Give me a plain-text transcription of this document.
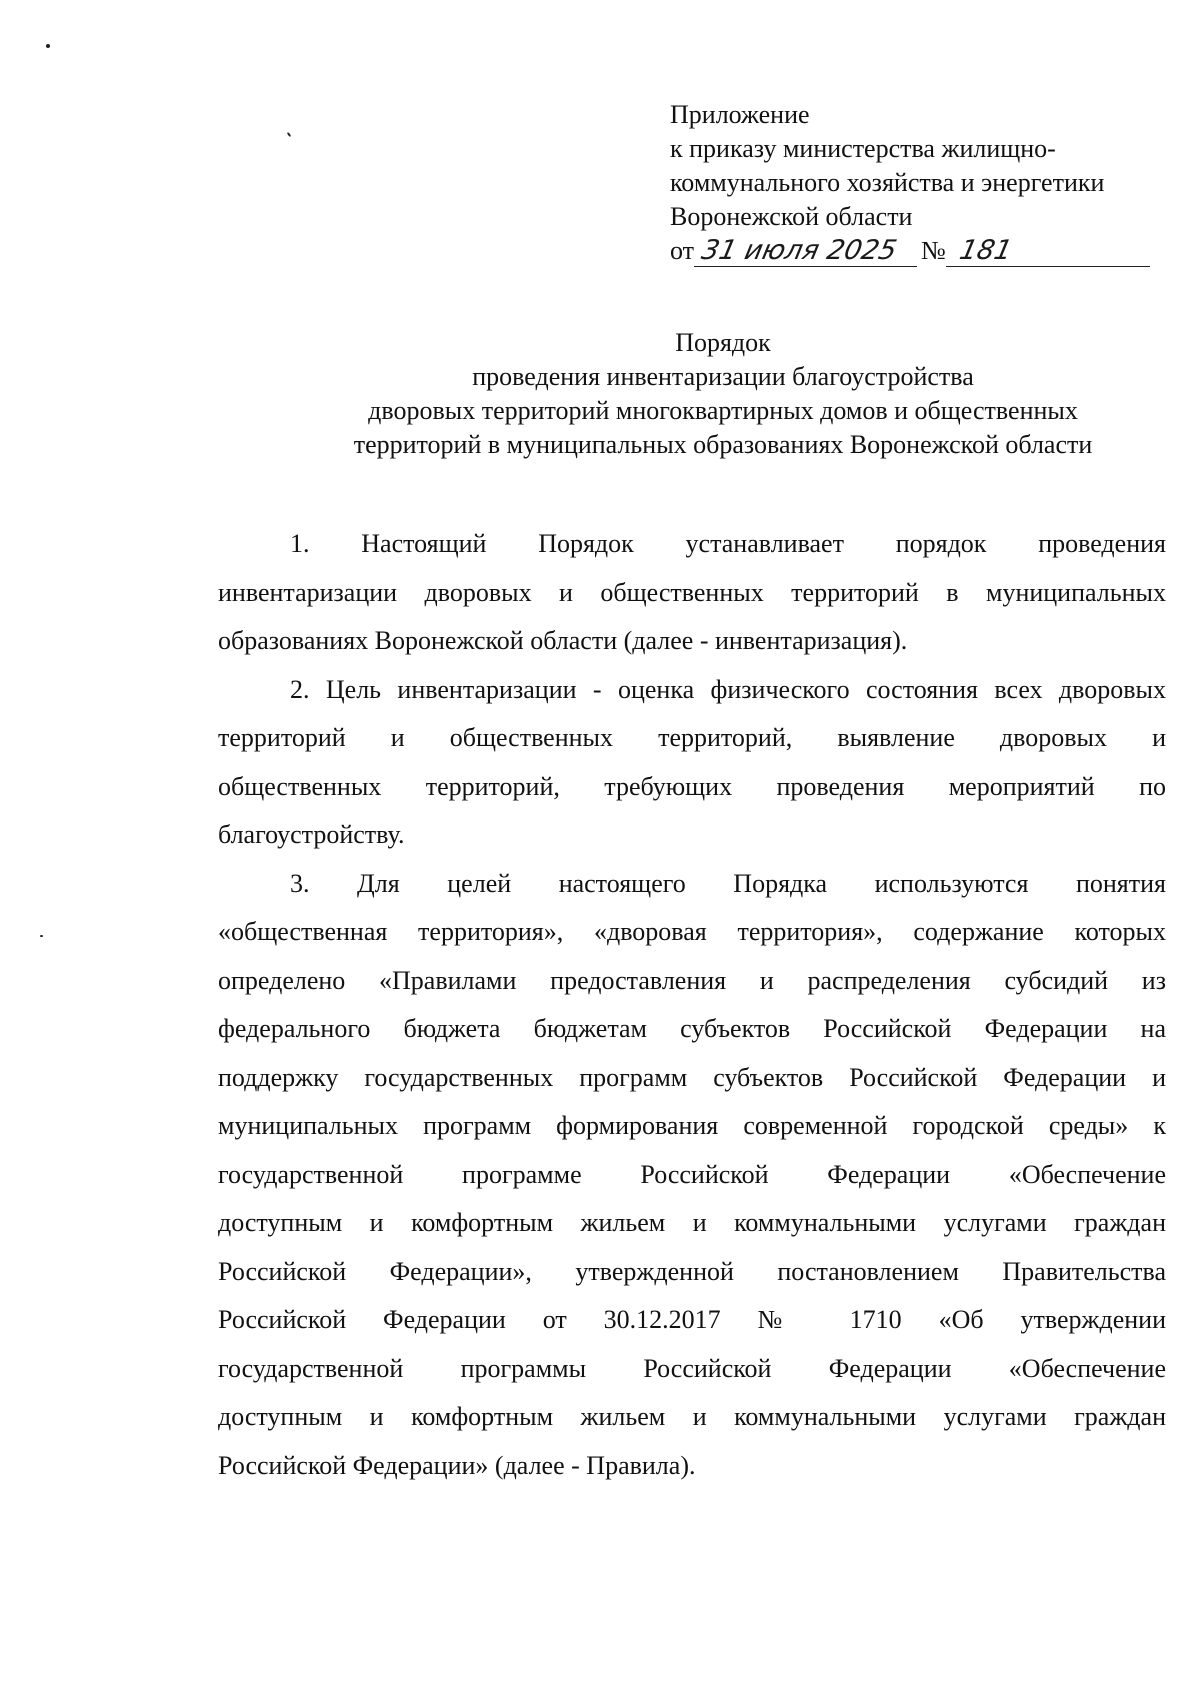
Приложение
к приказу министерства жилищно-
коммунального хозяйства и энергетики
Воронежской области
от 31 июля 2025 № 181
Порядок
проведения инвентаризации благоустройства
дворовых территорий многоквартирных домов и общественных
территорий в муниципальных образованиях Воронежской области
1. Настоящий Порядок устанавливает порядок проведения
инвентаризации дворовых и общественных территорий в муниципальных
образованиях Воронежской области (далее - инвентаризация).
2. Цель инвентаризации - оценка физического состояния всех дворовых
территорий и общественных территорий, выявление дворовых и
общественных территорий, требующих проведения мероприятий по
благоустройству.
3. Для целей настоящего Порядка используются понятия
«общественная территория», «дворовая территория», содержание которых
определено «Правилами предоставления и распределения субсидий из
федерального бюджета бюджетам субъектов Российской Федерации на
поддержку государственных программ субъектов Российской Федерации и
муниципальных программ формирования современной городской среды» к
государственной программе Российской Федерации «Обеспечение
доступным и комфортным жильем и коммунальными услугами граждан
Российской Федерации», утвержденной постановлением Правительства
Российской Федерации от 30.12.2017 № 1710 «Об утверждении
государственной программы Российской Федерации «Обеспечение
доступным и комфортным жильем и коммунальными услугами граждан
Российской Федерации» (далее - Правила).
